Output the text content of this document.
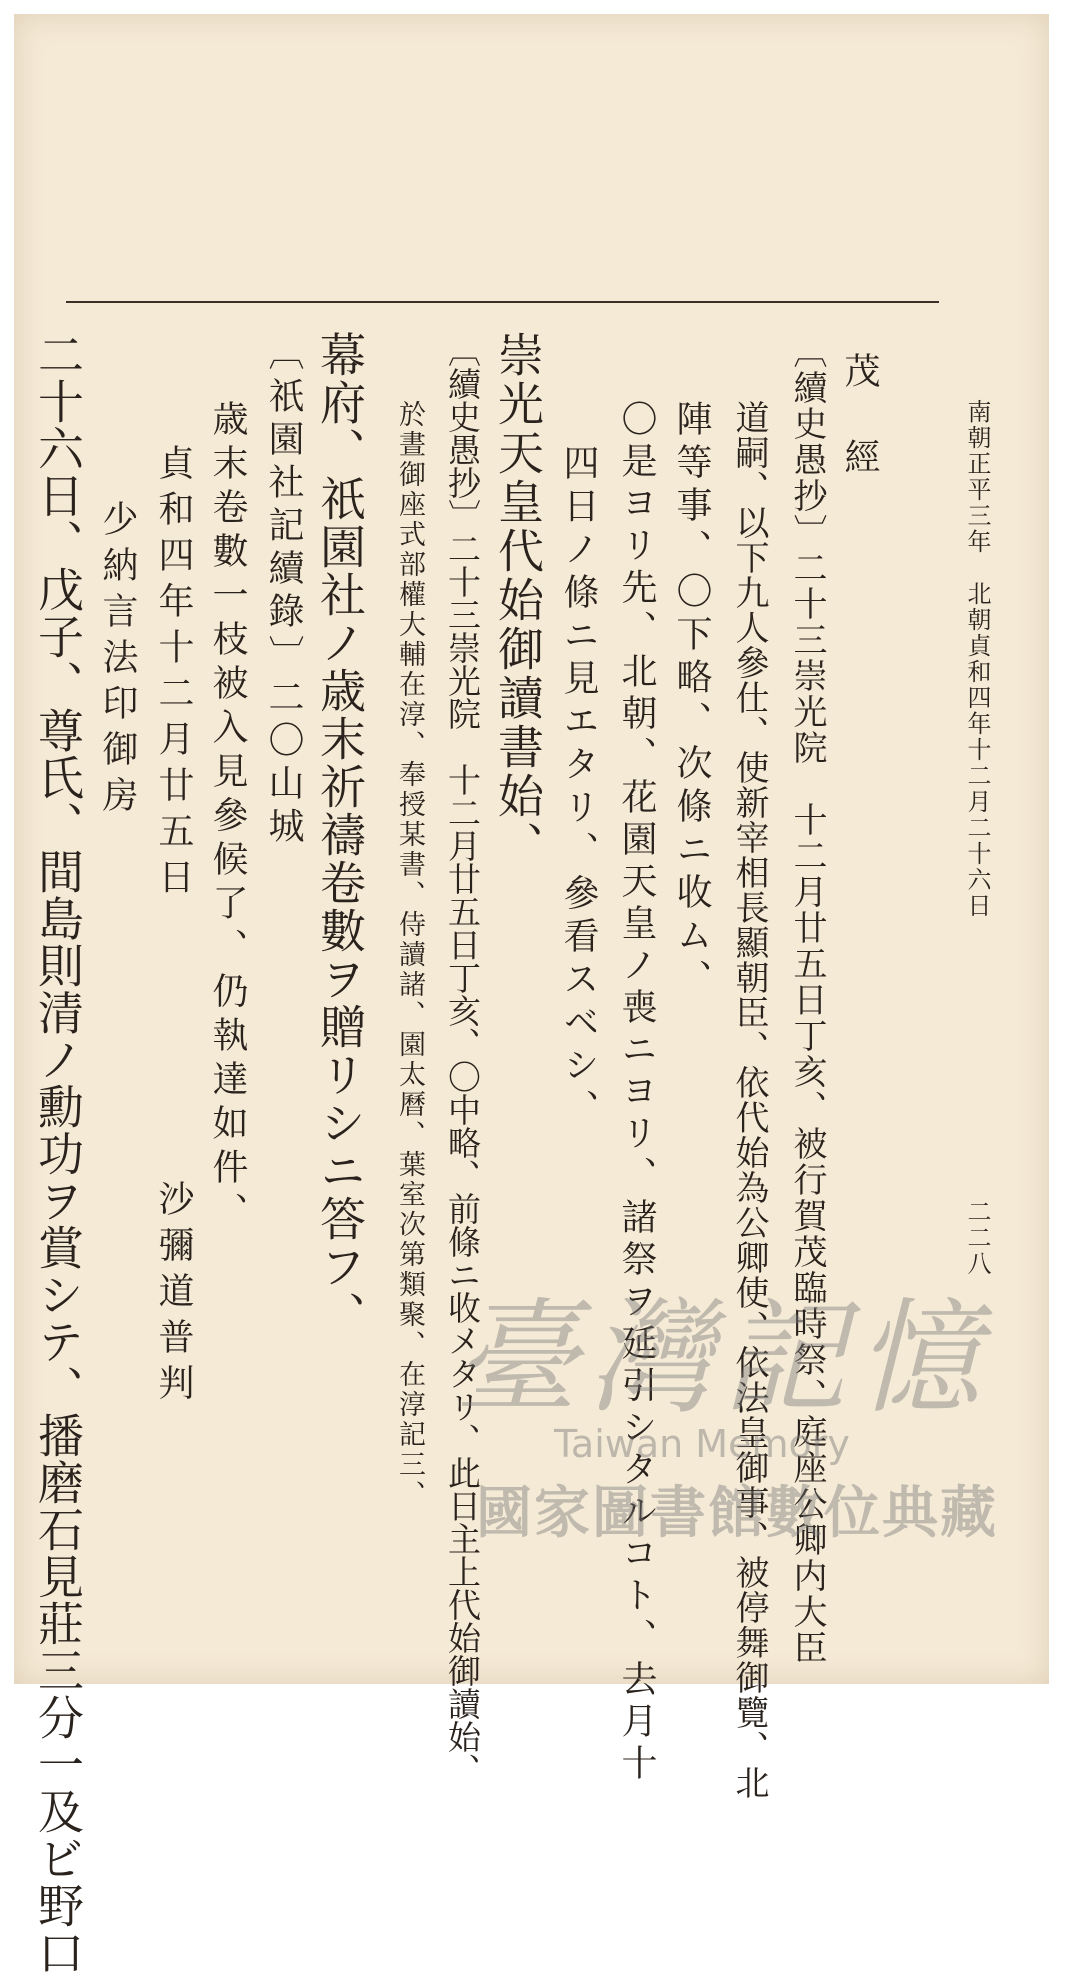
南朝正平三年　北朝貞和四年十二月二十六日
二二八
茂　經
〔續史愚抄〕二十三崇光院　十二月廿五日丁亥、被行賀茂臨時祭、庭座公卿内大臣
道嗣、以下九人參仕、使新宰相長顯朝臣、依代始為公卿使、依法皇御事、被停舞御覽、北
陣等事、〇下略、次條ニ收ム、
〇是ヨリ先、北朝、花園天皇ノ喪ニヨリ、諸祭ヲ延引シタルコト、去月十
四日ノ條ニ見エタリ、參看スベシ、
崇光天皇代始御讀書始、
〔續史愚抄〕二十三崇光院　十二月廿五日丁亥、〇中略、前條ニ收メタリ、此日主上代始御讀始、
於晝御座式部權大輔在淳、奉授某書、侍讀諸、園太曆、葉室次第類聚、在淳記三、
幕府、祇園社ノ歳末祈禱卷數ヲ贈リシニ答フ、
〔祇園社記續錄〕二〇山城
歳末卷數一枝被入見參候了、仍執達如件、
貞和四年十二月廿五日　　　　　　沙彌道普判
少納言法印御房
二十六日、戊子、尊氏、間島則清ノ勳功ヲ賞シテ、播磨石見莊三分一及ビ野口	臺灣記憶
Taiwan Memory
國家圖書館數位典藏
